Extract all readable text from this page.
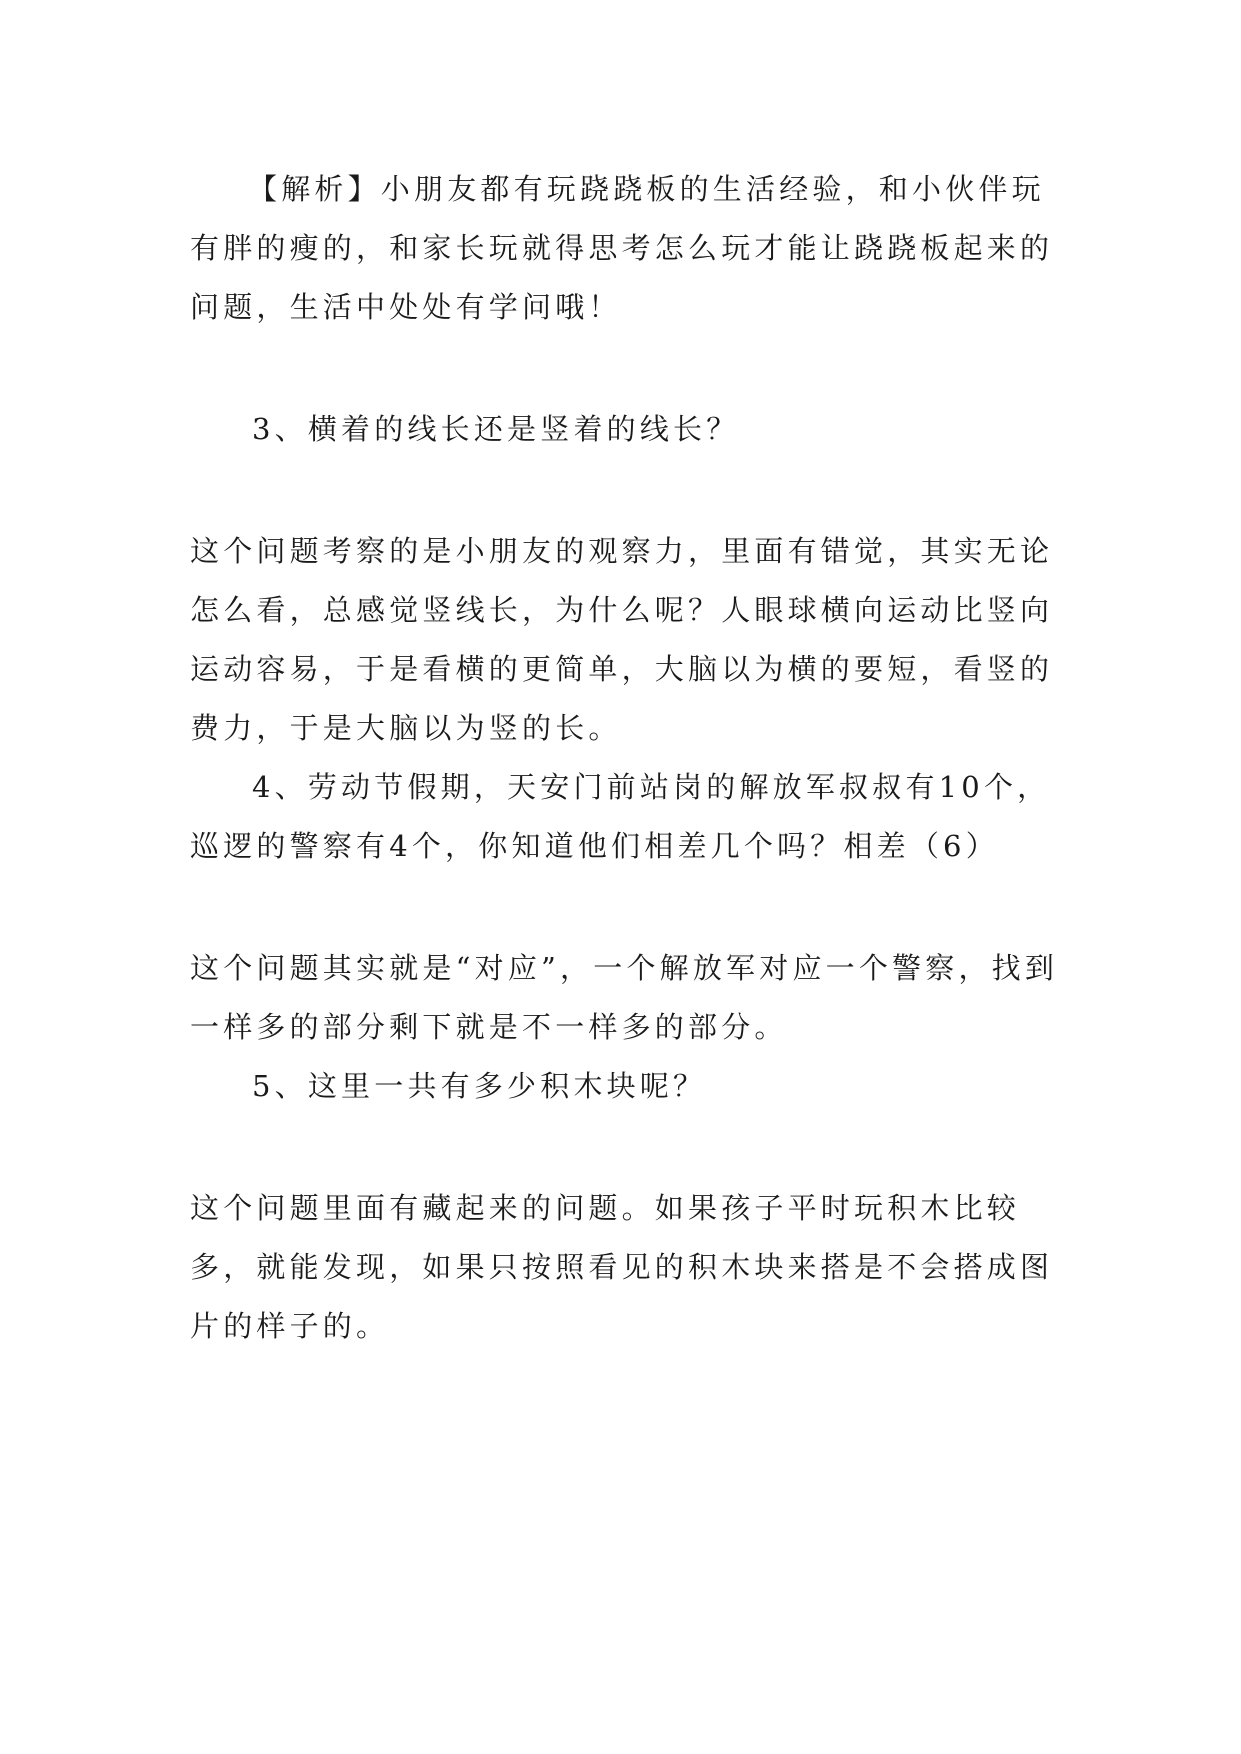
【解析】小朋友都有玩跷跷板的生活经验，和小伙伴玩有胖的瘦的，和家长玩就得思考怎么玩才能让跷跷板起来的问题，生活中处处有学问哦！

3、横着的线长还是竖着的线长？

这个问题考察的是小朋友的观察力，里面有错觉，其实无论怎么看，总感觉竖线长，为什么呢？人眼球横向运动比竖向运动容易，于是看横的更简单，大脑以为横的要短，看竖的费力，于是大脑以为竖的长。

4、劳动节假期，天安门前站岗的解放军叔叔有10个，巡逻的警察有4个，你知道他们相差几个吗？相差（6）

这个问题其实就是“对应”，一个解放军对应一个警察，找到一样多的部分剩下就是不一样多的部分。

5、这里一共有多少积木块呢？

这个问题里面有藏起来的问题。如果孩子平时玩积木比较多，就能发现，如果只按照看见的积木块来搭是不会搭成图片的样子的。
